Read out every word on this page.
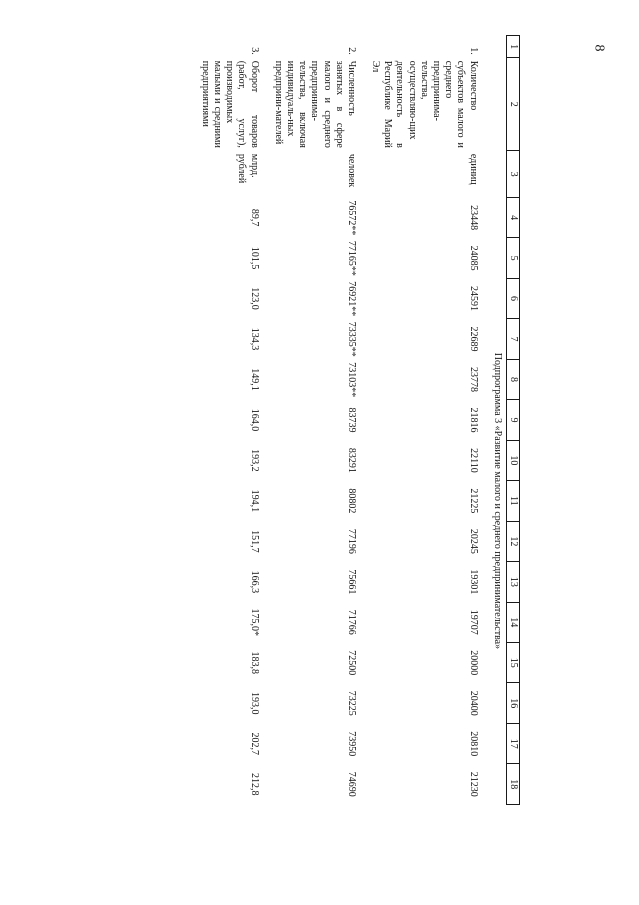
8
1	2	3	4	5	6	7	8	9	10	11	12	13	14	15	16	17	18
			Подпрограмма 3 «Развитие малого и среднего предпринимательства»														
1.	Количество субъектов малого и среднего предпринима-тельства, осуществляю-щих деятельность в Республике Марий Эл	единиц	23448	24085	24591	22689	23778	21816	22110	21225	20245	19301	19707	20000	20400	20810	21230
2.	Численность занятых в сфере малого и среднего предпринима-тельства, включая индивидуаль-ных предприни-мателей	человек	76572**	77165**	76921**	73335**	73103**	83739	83291	80802	77196	75661	71766	72500	73225	73950	74690
3.	Оборот товаров (работ, услуг), производимых малыми и средними предприятиями	млрд. рублей	89,7	101,5	123,0	134,3	149,1	164,0	193,2	194,1	151,7	166,3	175,0*	183,8	193,0	202,7	212,8
